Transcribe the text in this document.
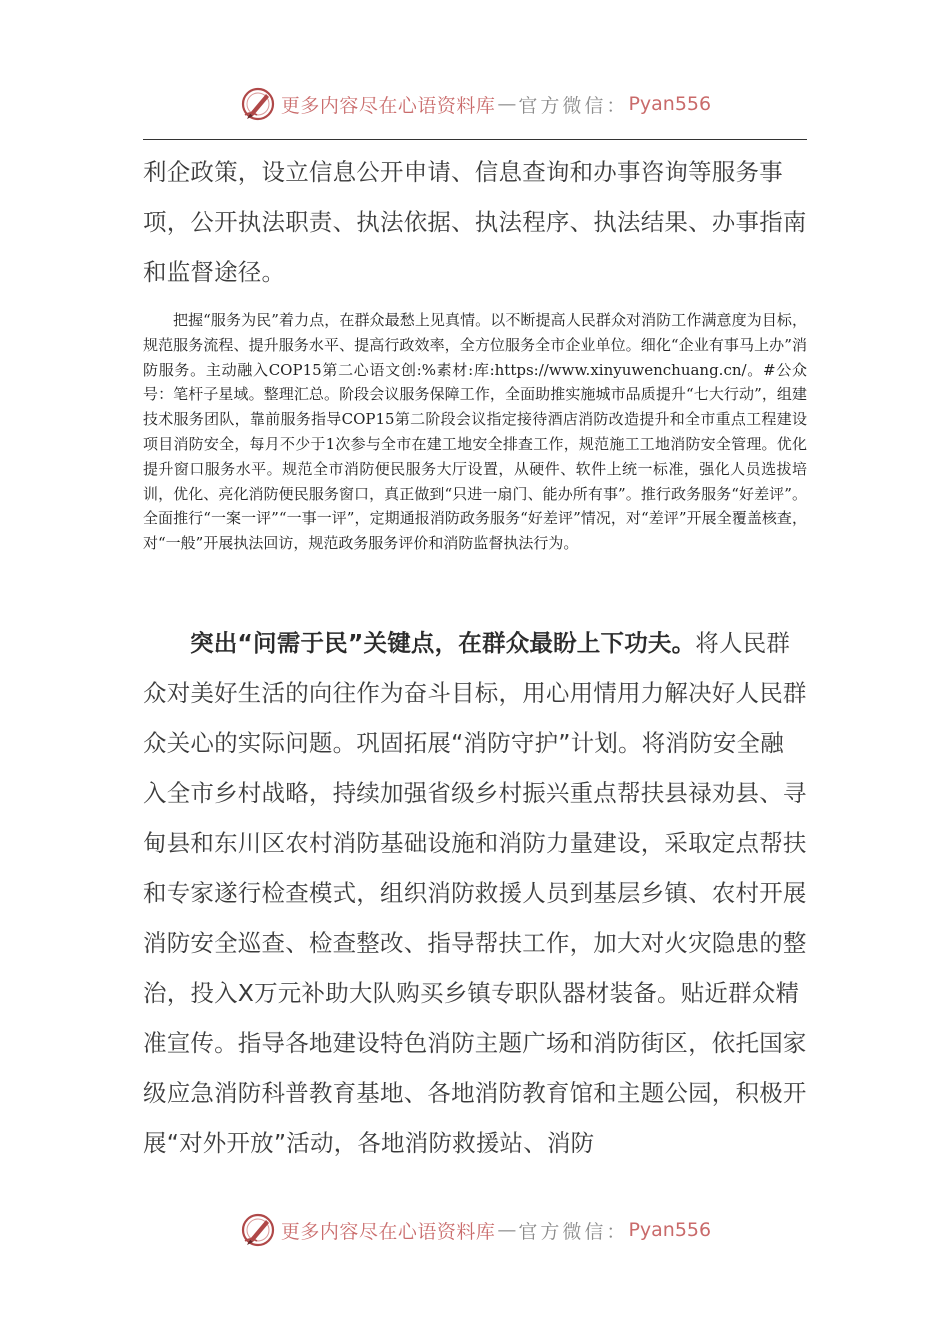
更多内容尽在心语资料库 — 官方微信： Pyan556

利企政策，设立信息公开申请、信息查询和办事咨询等服务事项，公开执法职责、执法依据、执法程序、执法结果、办事指南和监督途径。

把握“服务为民”着力点，在群众最愁上见真情。以不断提高人民群众对消防工作满意度为目标，规范服务流程、提升服务水平、提高行政效率，全方位服务全市企业单位。细化“企业有事马上办”消防服务。主动融入COP15第二心语文创:%素材:库:https://www.xinyuwenchuang.cn/。#公众号：笔杆子星域。整理汇总。阶段会议服务保障工作，全面助推实施城市品质提升“七大行动”，组建技术服务团队，靠前服务指导COP15第二阶段会议指定接待酒店消防改造提升和全市重点工程建设项目消防安全，每月不少于1次参与全市在建工地安全排查工作，规范施工工地消防安全管理。优化提升窗口服务水平。规范全市消防便民服务大厅设置，从硬件、软件上统一标准，强化人员选拔培训，优化、亮化消防便民服务窗口，真正做到“只进一扇门、能办所有事”。推行政务服务“好差评”。全面推行“一案一评”“一事一评”，定期通报消防政务服务“好差评”情况，对“差评”开展全覆盖核查，对“一般”开展执法回访，规范政务服务评价和消防监督执法行为。

突出“问需于民”关键点，在群众最盼上下功夫。将人民群众对美好生活的向往作为奋斗目标，用心用情用力解决好人民群众关心的实际问题。巩固拓展“消防守护”计划。将消防安全融入全市乡村战略，持续加强省级乡村振兴重点帮扶县禄劝县、寻甸县和东川区农村消防基础设施和消防力量建设，采取定点帮扶和专家遂行检查模式，组织消防救援人员到基层乡镇、农村开展消防安全巡查、检查整改、指导帮扶工作，加大对火灾隐患的整治，投入X万元补助大队购买乡镇专职队器材装备。贴近群众精准宣传。指导各地建设特色消防主题广场和消防街区，依托国家级应急消防科普教育基地、各地消防教育馆和主题公园，积极开展“对外开放”活动，各地消防救援站、消防

更多内容尽在心语资料库 — 官方微信： Pyan556
